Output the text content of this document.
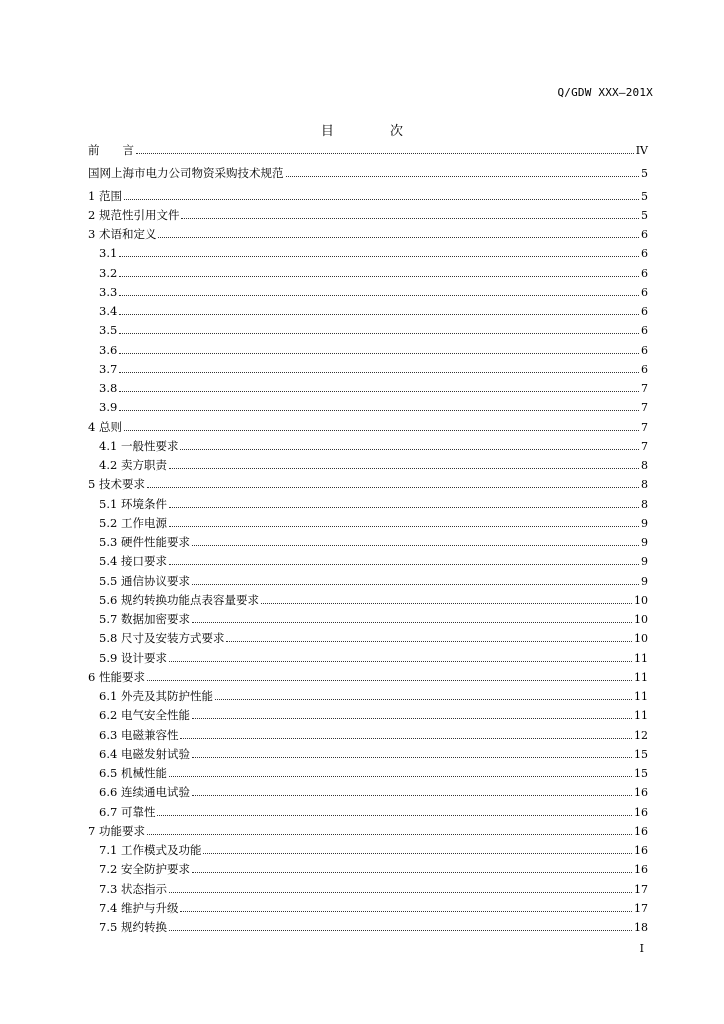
Q/GDW XXX—201X
目 次
前　　言	IV
国网上海市电力公司物资采购技术规范	5
1 范围	5
2 规范性引用文件	5
3 术语和定义	6
3.1	6
3.2	6
3.3	6
3.4	6
3.5	6
3.6	6
3.7	6
3.8	7
3.9	7
4 总则	7
4.1 一般性要求	7
4.2 卖方职责	8
5 技术要求	8
5.1 环境条件	8
5.2 工作电源	9
5.3 硬件性能要求	9
5.4 接口要求	9
5.5 通信协议要求	9
5.6 规约转换功能点表容量要求	10
5.7 数据加密要求	10
5.8 尺寸及安装方式要求	10
5.9 设计要求	11
6 性能要求	11
6.1 外壳及其防护性能	11
6.2 电气安全性能	11
6.3 电磁兼容性	12
6.4 电磁发射试验	15
6.5 机械性能	15
6.6 连续通电试验	16
6.7 可靠性	16
7 功能要求	16
7.1 工作模式及功能	16
7.2 安全防护要求	16
7.3 状态指示	17
7.4 维护与升级	17
7.5 规约转换	18
I
